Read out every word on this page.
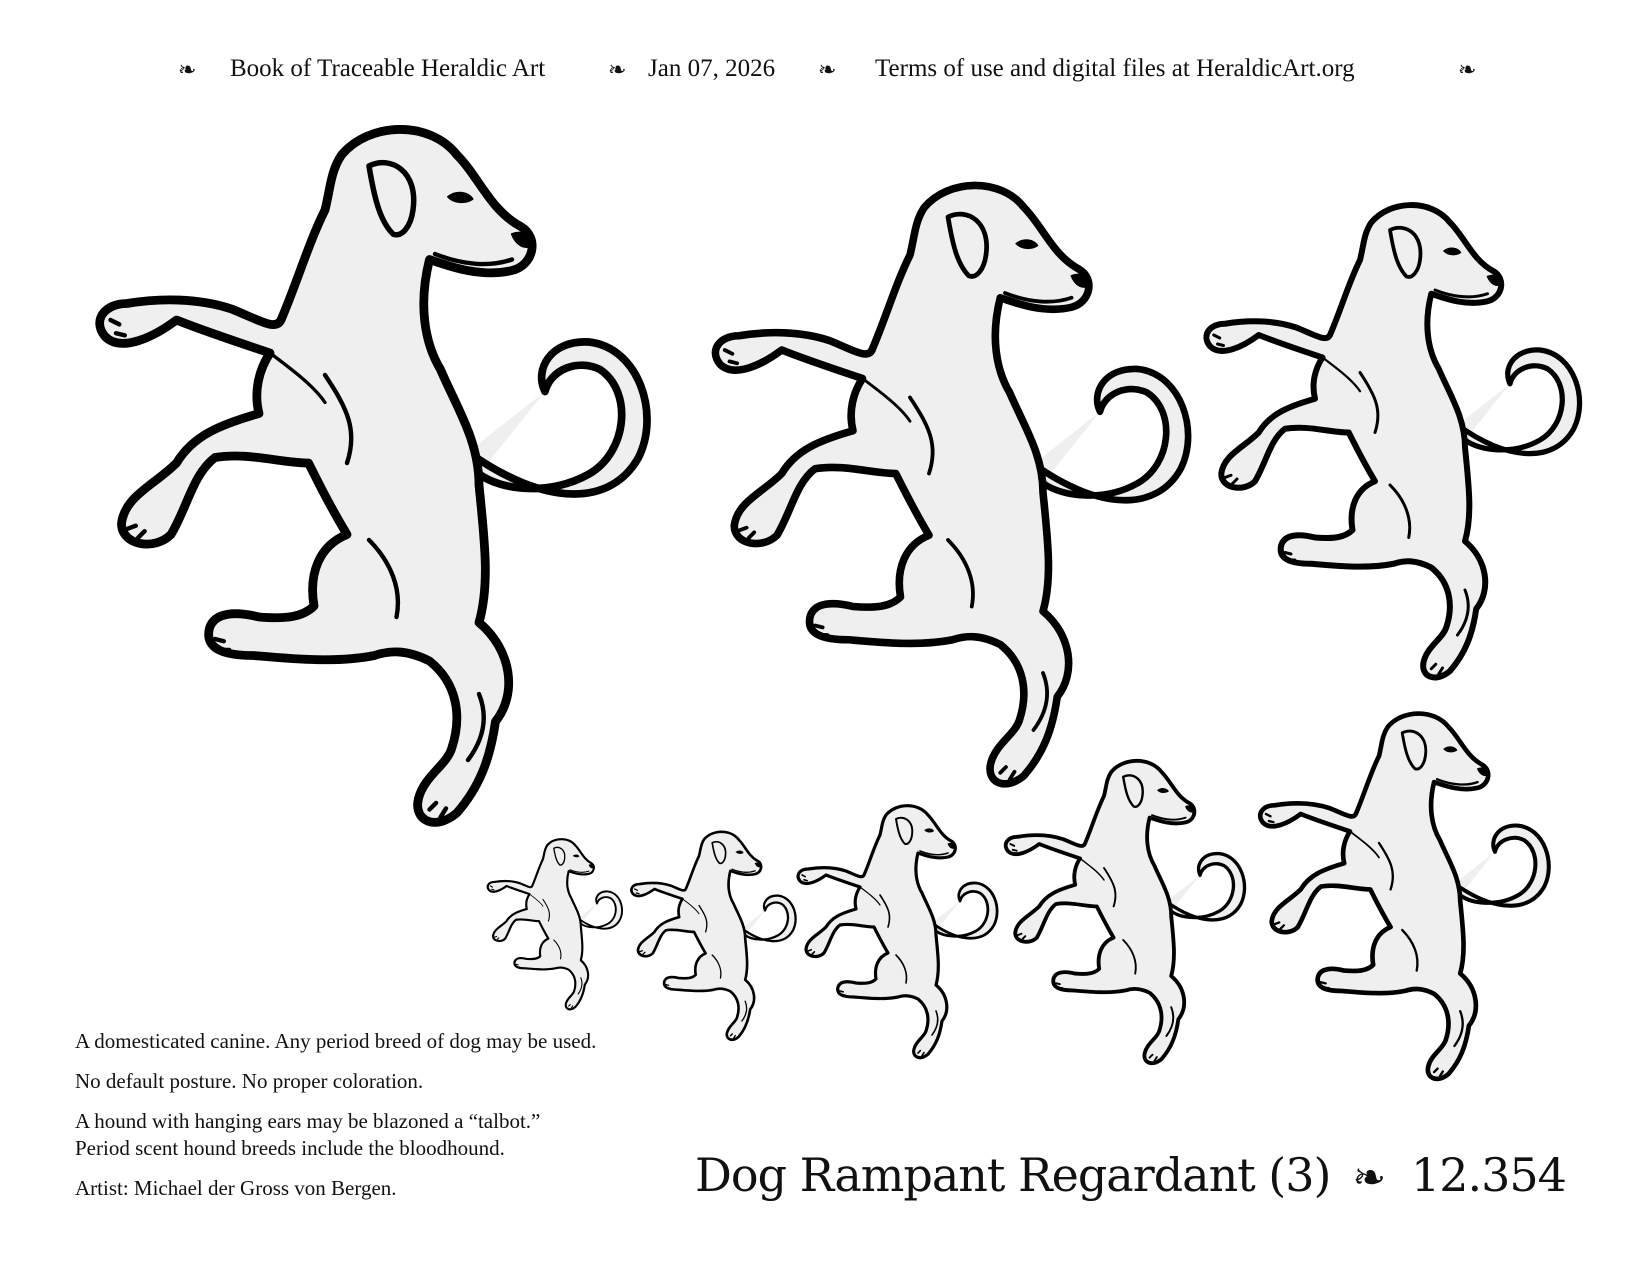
❧ Book of Traceable Heraldic Art	❧ Jan 07, 2026 ❧ Terms of use and digital files at HeraldicArt.org	❧

A domesticated canine. Any period breed of dog may be used.

No default posture. No proper coloration.

A hound with hanging ears may be blazoned a “talbot.”
Period scent hound breeds include the bloodhound.

Artist: Michael der Gross von Bergen.	Dog Rampant Regardant (3) ❧ 12.354
